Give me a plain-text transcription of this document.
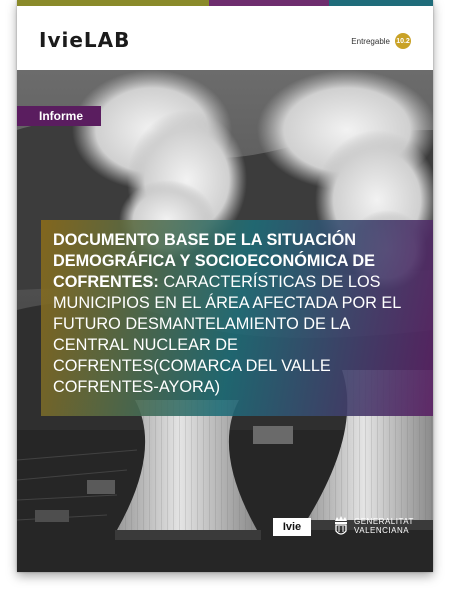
IvieLAB	Entregable 10.2
Informe
DOCUMENTO BASE DE LA SITUACIÓN DEMOGRÁFICA Y SOCIOECONÓMICA DE COFRENTES: CARACTERÍSTICAS DE LOS MUNICIPIOS EN EL ÁREA AFECTADA POR EL FUTURO DESMANTELAMIENTO DE LA CENTRAL NUCLEAR DE COFRENTES(COMARCA DEL VALLE COFRENTES-AYORA)
Ivie	GENERALITAT
VALENCIANA
